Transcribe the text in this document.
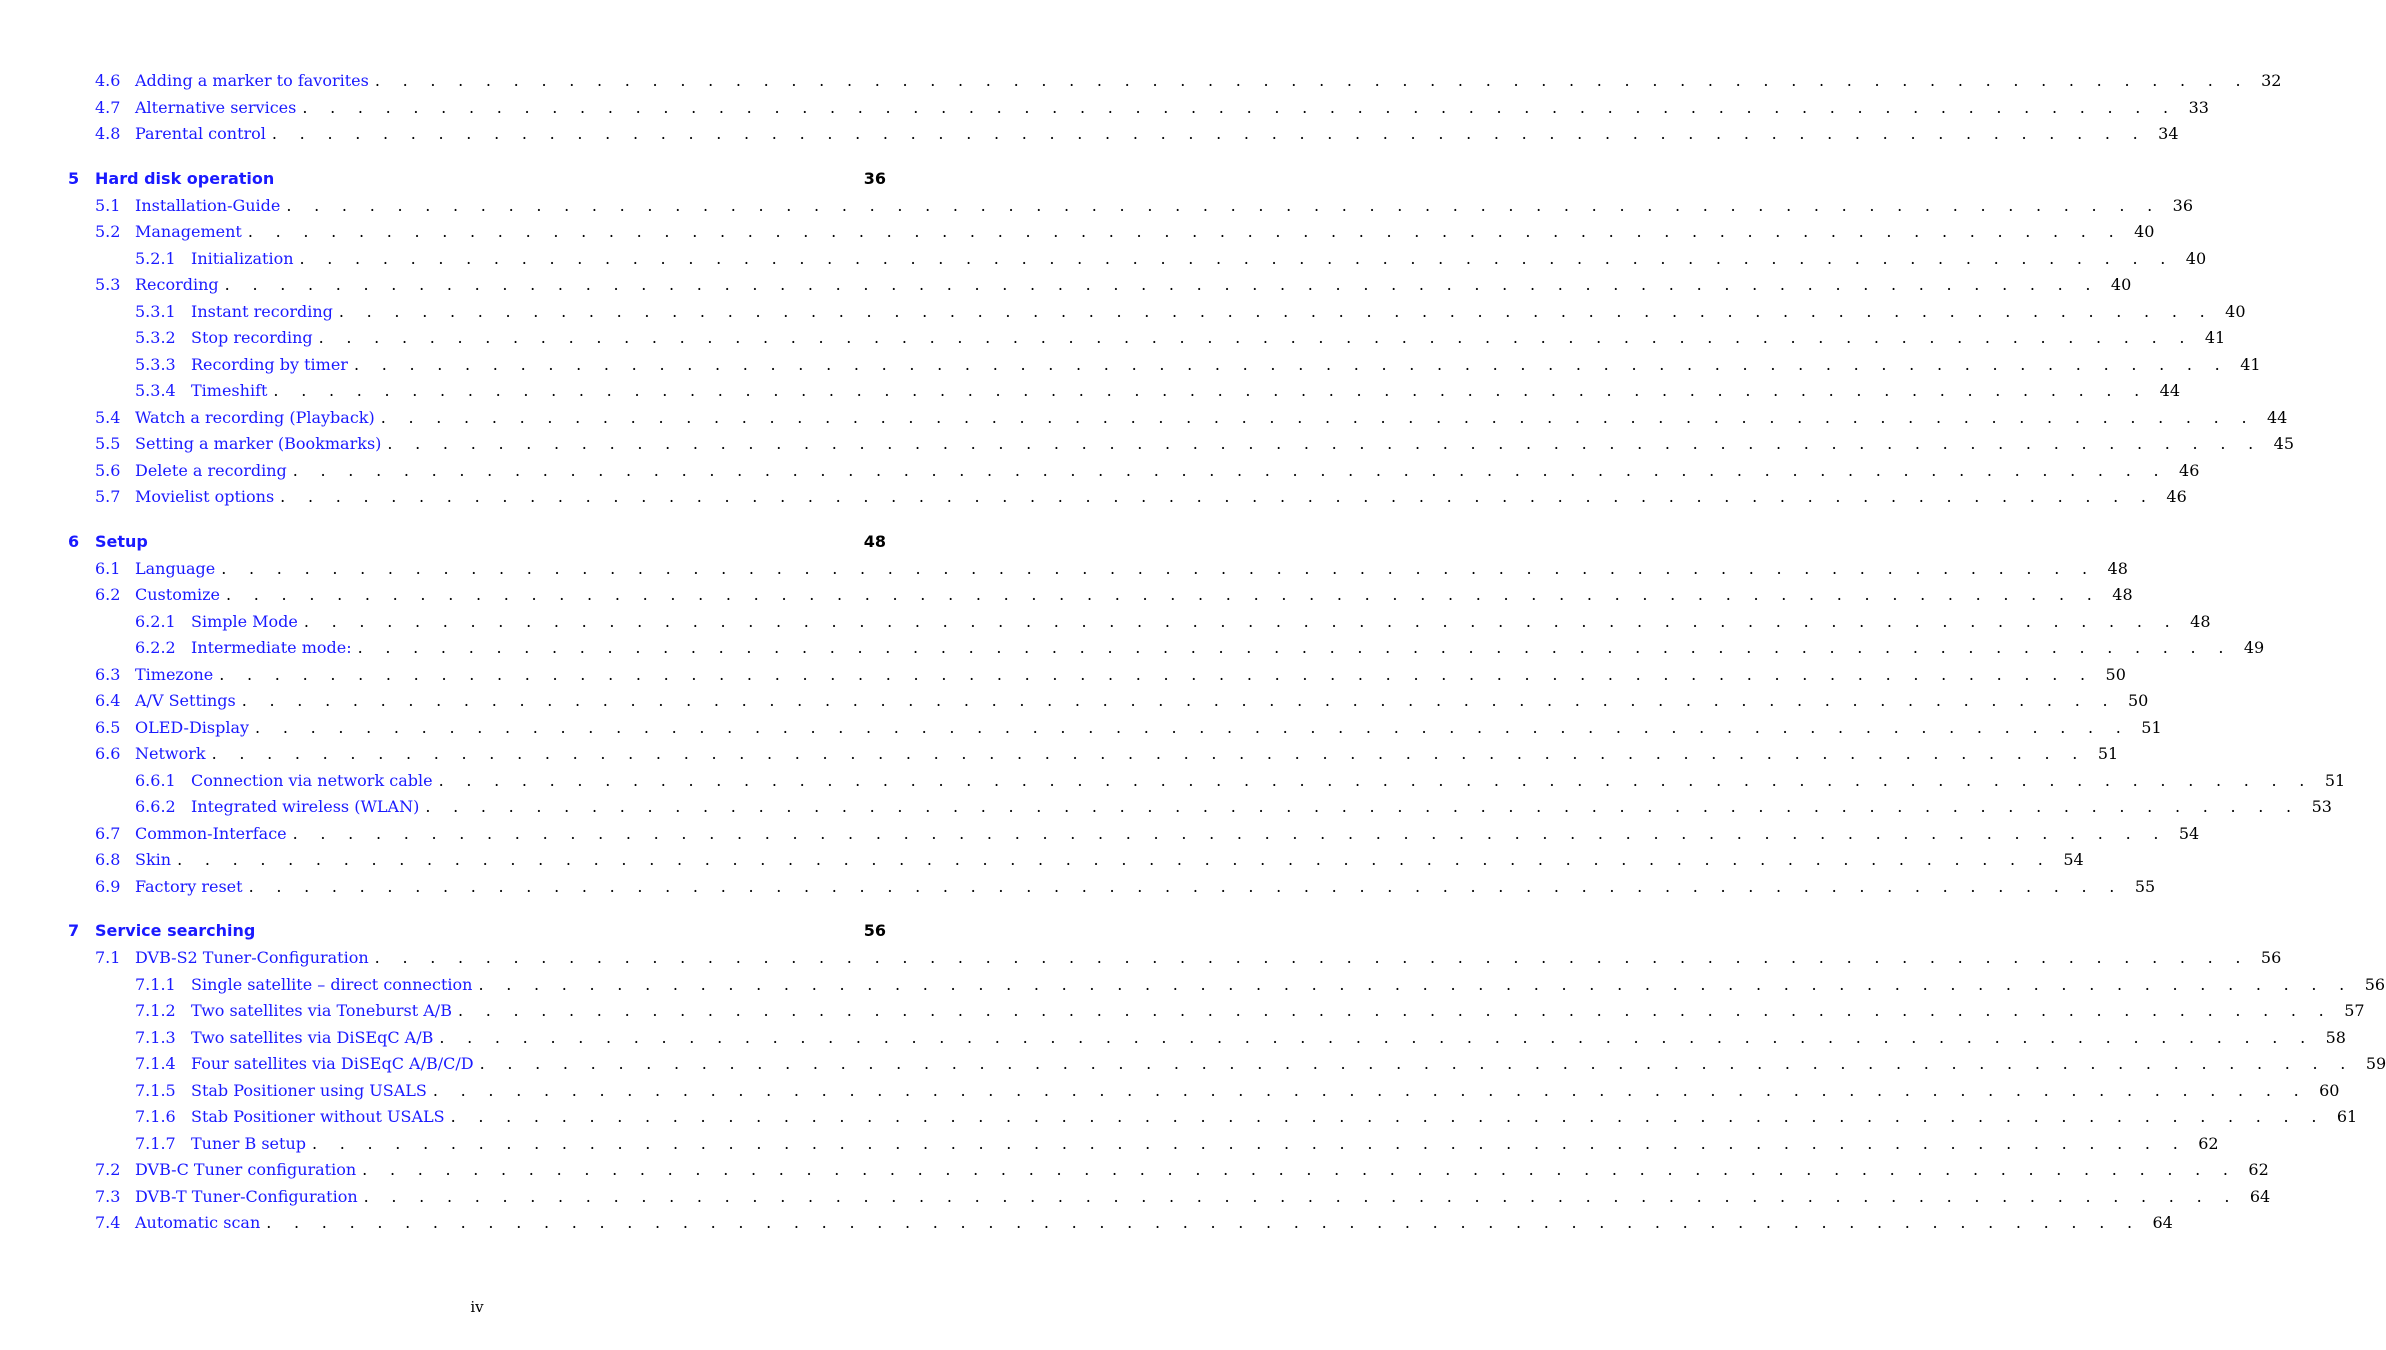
4.6 Adding a marker to favorites . . . . . . . . . . . . . . . . . . . . . . . . . . . . . . . . . . . . . . . . . . . . . . . . . . . . . . . . . . . . . . . . . . . . 32
4.7 Alternative services . . . . . . . . . . . . . . . . . . . . . . . . . . . . . . . . . . . . . . . . . . . . . . . . . . . . . . . . . . . . . . . . . . . . 33
4.8 Parental control . . . . . . . . . . . . . . . . . . . . . . . . . . . . . . . . . . . . . . . . . . . . . . . . . . . . . . . . . . . . . . . . . . . . 34
5 Hard disk operation	36
5.1 Installation-Guide . . . . . . . . . . . . . . . . . . . . . . . . . . . . . . . . . . . . . . . . . . . . . . . . . . . . . . . . . . . . . . . . . . . . 36
5.2 Management . . . . . . . . . . . . . . . . . . . . . . . . . . . . . . . . . . . . . . . . . . . . . . . . . . . . . . . . . . . . . . . . . . . . 40
5.2.1 Initialization . . . . . . . . . . . . . . . . . . . . . . . . . . . . . . . . . . . . . . . . . . . . . . . . . . . . . . . . . . . . . . . . . . . . 40
5.3 Recording . . . . . . . . . . . . . . . . . . . . . . . . . . . . . . . . . . . . . . . . . . . . . . . . . . . . . . . . . . . . . . . . . . . . 40
5.3.1 Instant recording . . . . . . . . . . . . . . . . . . . . . . . . . . . . . . . . . . . . . . . . . . . . . . . . . . . . . . . . . . . . . . . . . . . . 40
5.3.2 Stop recording . . . . . . . . . . . . . . . . . . . . . . . . . . . . . . . . . . . . . . . . . . . . . . . . . . . . . . . . . . . . . . . . . . . . 41
5.3.3 Recording by timer . . . . . . . . . . . . . . . . . . . . . . . . . . . . . . . . . . . . . . . . . . . . . . . . . . . . . . . . . . . . . . . . . . . . 41
5.3.4 Timeshift . . . . . . . . . . . . . . . . . . . . . . . . . . . . . . . . . . . . . . . . . . . . . . . . . . . . . . . . . . . . . . . . . . . . 44
5.4 Watch a recording (Playback) . . . . . . . . . . . . . . . . . . . . . . . . . . . . . . . . . . . . . . . . . . . . . . . . . . . . . . . . . . . . . . . . . . . . 44
5.5 Setting a marker (Bookmarks) . . . . . . . . . . . . . . . . . . . . . . . . . . . . . . . . . . . . . . . . . . . . . . . . . . . . . . . . . . . . . . . . . . . . 45
5.6 Delete a recording . . . . . . . . . . . . . . . . . . . . . . . . . . . . . . . . . . . . . . . . . . . . . . . . . . . . . . . . . . . . . . . . . . . . 46
5.7 Movielist options . . . . . . . . . . . . . . . . . . . . . . . . . . . . . . . . . . . . . . . . . . . . . . . . . . . . . . . . . . . . . . . . . . . . 46
6 Setup	48
6.1 Language . . . . . . . . . . . . . . . . . . . . . . . . . . . . . . . . . . . . . . . . . . . . . . . . . . . . . . . . . . . . . . . . . . . . 48
6.2 Customize . . . . . . . . . . . . . . . . . . . . . . . . . . . . . . . . . . . . . . . . . . . . . . . . . . . . . . . . . . . . . . . . . . . . 48
6.2.1 Simple Mode . . . . . . . . . . . . . . . . . . . . . . . . . . . . . . . . . . . . . . . . . . . . . . . . . . . . . . . . . . . . . . . . . . . . 48
6.2.2 Intermediate mode: . . . . . . . . . . . . . . . . . . . . . . . . . . . . . . . . . . . . . . . . . . . . . . . . . . . . . . . . . . . . . . . . . . . . 49
6.3 Timezone . . . . . . . . . . . . . . . . . . . . . . . . . . . . . . . . . . . . . . . . . . . . . . . . . . . . . . . . . . . . . . . . . . . . 50
6.4 A/V Settings . . . . . . . . . . . . . . . . . . . . . . . . . . . . . . . . . . . . . . . . . . . . . . . . . . . . . . . . . . . . . . . . . . . . 50
6.5 OLED-Display . . . . . . . . . . . . . . . . . . . . . . . . . . . . . . . . . . . . . . . . . . . . . . . . . . . . . . . . . . . . . . . . . . . . 51
6.6 Network . . . . . . . . . . . . . . . . . . . . . . . . . . . . . . . . . . . . . . . . . . . . . . . . . . . . . . . . . . . . . . . . . . . . 51
6.6.1 Connection via network cable . . . . . . . . . . . . . . . . . . . . . . . . . . . . . . . . . . . . . . . . . . . . . . . . . . . . . . . . . . . . . . . . . . . . 51
6.6.2 Integrated wireless (WLAN) . . . . . . . . . . . . . . . . . . . . . . . . . . . . . . . . . . . . . . . . . . . . . . . . . . . . . . . . . . . . . . . . . . . . 53
6.7 Common-Interface . . . . . . . . . . . . . . . . . . . . . . . . . . . . . . . . . . . . . . . . . . . . . . . . . . . . . . . . . . . . . . . . . . . . 54
6.8 Skin . . . . . . . . . . . . . . . . . . . . . . . . . . . . . . . . . . . . . . . . . . . . . . . . . . . . . . . . . . . . . . . . . . . . 54
6.9 Factory reset . . . . . . . . . . . . . . . . . . . . . . . . . . . . . . . . . . . . . . . . . . . . . . . . . . . . . . . . . . . . . . . . . . . . 55
7 Service searching	56
7.1 DVB-S2 Tuner-Configuration . . . . . . . . . . . . . . . . . . . . . . . . . . . . . . . . . . . . . . . . . . . . . . . . . . . . . . . . . . . . . . . . . . . . 56
7.1.1 Single satellite – direct connection . . . . . . . . . . . . . . . . . . . . . . . . . . . . . . . . . . . . . . . . . . . . . . . . . . . . . . . . . . . . . . . . . . . . 56
7.1.2 Two satellites via Toneburst A/B . . . . . . . . . . . . . . . . . . . . . . . . . . . . . . . . . . . . . . . . . . . . . . . . . . . . . . . . . . . . . . . . . . . . 57
7.1.3 Two satellites via DiSEqC A/B . . . . . . . . . . . . . . . . . . . . . . . . . . . . . . . . . . . . . . . . . . . . . . . . . . . . . . . . . . . . . . . . . . . . 58
7.1.4 Four satellites via DiSEqC A/B/C/D . . . . . . . . . . . . . . . . . . . . . . . . . . . . . . . . . . . . . . . . . . . . . . . . . . . . . . . . . . . . . . . . . . . . 59
7.1.5 Stab Positioner using USALS . . . . . . . . . . . . . . . . . . . . . . . . . . . . . . . . . . . . . . . . . . . . . . . . . . . . . . . . . . . . . . . . . . . . 60
7.1.6 Stab Positioner without USALS . . . . . . . . . . . . . . . . . . . . . . . . . . . . . . . . . . . . . . . . . . . . . . . . . . . . . . . . . . . . . . . . . . . . 61
7.1.7 Tuner B setup . . . . . . . . . . . . . . . . . . . . . . . . . . . . . . . . . . . . . . . . . . . . . . . . . . . . . . . . . . . . . . . . . . . . 62
7.2 DVB-C Tuner configuration . . . . . . . . . . . . . . . . . . . . . . . . . . . . . . . . . . . . . . . . . . . . . . . . . . . . . . . . . . . . . . . . . . . . 62
7.3 DVB-T Tuner-Configuration . . . . . . . . . . . . . . . . . . . . . . . . . . . . . . . . . . . . . . . . . . . . . . . . . . . . . . . . . . . . . . . . . . . . 64
7.4 Automatic scan . . . . . . . . . . . . . . . . . . . . . . . . . . . . . . . . . . . . . . . . . . . . . . . . . . . . . . . . . . . . . . . . . . . . 64
iv
